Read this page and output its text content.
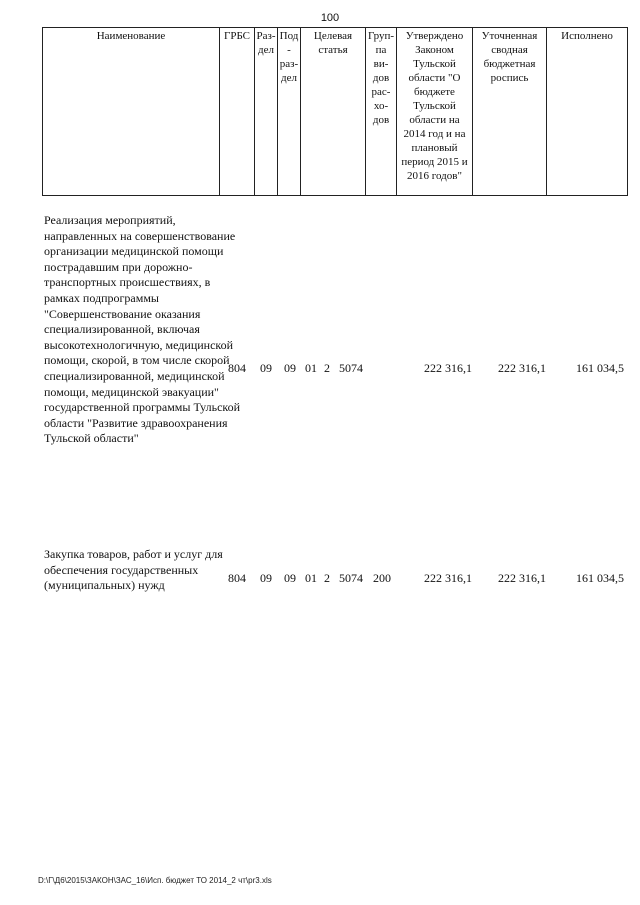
100
Наименование	ГРБС	Раз-
дел	Под-
раз-
дел	Целевая
статья	Груп-
па
ви-
дов
рас-
хо-
дов	Утверждено Законом Тульской области "О бюджете Тульской области на 2014 год и на плановый период 2015 и 2016 годов"	Уточненная сводная бюджетная роспись	Исполнено
Реализация мероприятий, направленных на совершенствование организации медицинской помощи пострадавшим при дорожно-транспортных происшествиях, в рамках подпрограммы "Совершенствование оказания специализированной, включая высокотехнологичную, медицинской помощи, скорой, в том числе скорой специализированной, медицинской помощи, медицинской эвакуации" государственной программы Тульской области "Развитие здравоохранения Тульской области"
804	09	09 01 2 5074	222 316,1	222 316,1	161 034,5
Закупка товаров, работ и услуг для обеспечения государственных (муниципальных) нужд
804	09	09 01 2 5074 200	222 316,1	222 316,1	161 034,5
D:\Г\Д6\2015\ЗАКОН\ЗАС_16\Исп. бюджет ТО 2014_2 чт\pr3.xls
